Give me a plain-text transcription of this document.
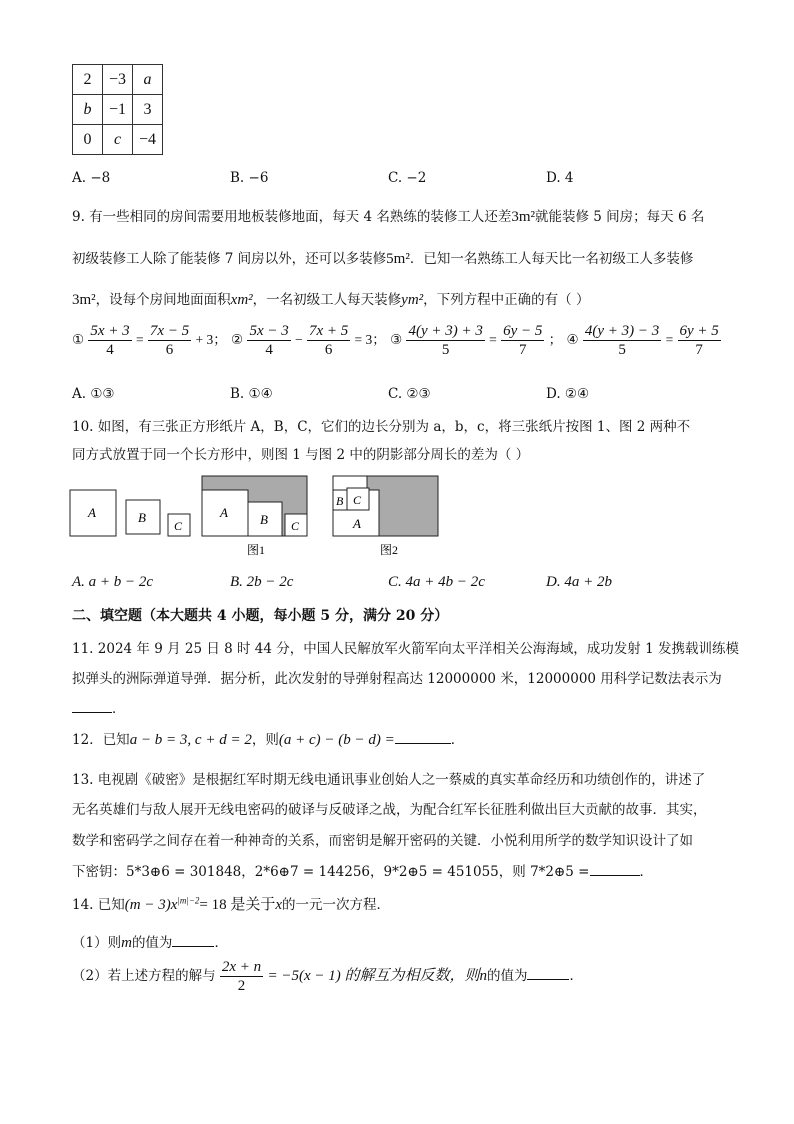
2	−3	a
b	−1	3
0	c	−4
A. −8	B. −6	C. −2	D. 4
9. 有一些相同的房间需要用地板装修地面，每天 4 名熟练的装修工人还差3m²就能装修 5 间房；每天 6 名
初级装修工人除了能装修 7 间房以外，还可以多装修5m²．已知一名熟练工人每天比一名初级工人多装修
3m²，设每个房间地面面积xm²，一名初级工人每天装修ym²，下列方程中正确的有（ ）
① $\frac{5x + 3}{4} = \frac{7x - 5}{6} + 3$； ② $\frac{5x - 3}{4} - \frac{7x + 5}{6} = 3$； ③ $\frac{4(y + 3) + 3}{5} = \frac{6y - 5}{7}$ ； ④ $\frac{4(y + 3) - 3}{5} = \frac{6y + 5}{7}$
A. ①③	B. ①④	C. ②③	D. ②④
10. 如图，有三张正方形纸片 A，B，C，它们的边长分别为 a，b，c，将三张纸片按图 1、图 2 两种不
同方式放置于同一个长方形中，则图 1 与图 2 中的阴影部分周长的差为（ ）
A	B
C
A B C
图1
A
B C
图2
A. a + b − 2c	B. 2b − 2c	C. 4a + 4b − 2c	D. 4a + 2b
二、填空题（本大题共 4 小题，每小题 5 分，满分 20 分）
11. 2024 年 9 月 25 日 8 时 44 分，中国人民解放军火箭军向太平洋相关公海海域，成功发射 1 发携载训练模
拟弹头的洲际弹道导弹．据分析，此次发射的导弹射程高达 12000000 米，12000000 用科学记数法表示为
．
12．已知a − b = 3, c + d = 2，则(a + c) − (b − d) =	．
13. 电视剧《破密》是根据红军时期无线电通讯事业创始人之一蔡威的真实革命经历和功绩创作的，讲述了
无名英雄们与敌人展开无线电密码的破译与反破译之战，为配合红军长征胜利做出巨大贡献的故事．其实，
数学和密码学之间存在着一种神奇的关系，而密钥是解开密码的关键．小悦利用所学的数学知识设计了如
下密钥：5*3⊕6 = 301848，2*6⊕7 = 144256，9*2⊕5 = 451055，则 7*2⊕5 =	．
14. 已知$(m - 3)x^{|m|-2}= 18$ 是关于x的一元一次方程．
（1）则m的值为	．
（2）若上述方程的解与 $\frac{2x + n}{2} = -5(x - 1)$ 的解互为相反数，则n的值为	．
